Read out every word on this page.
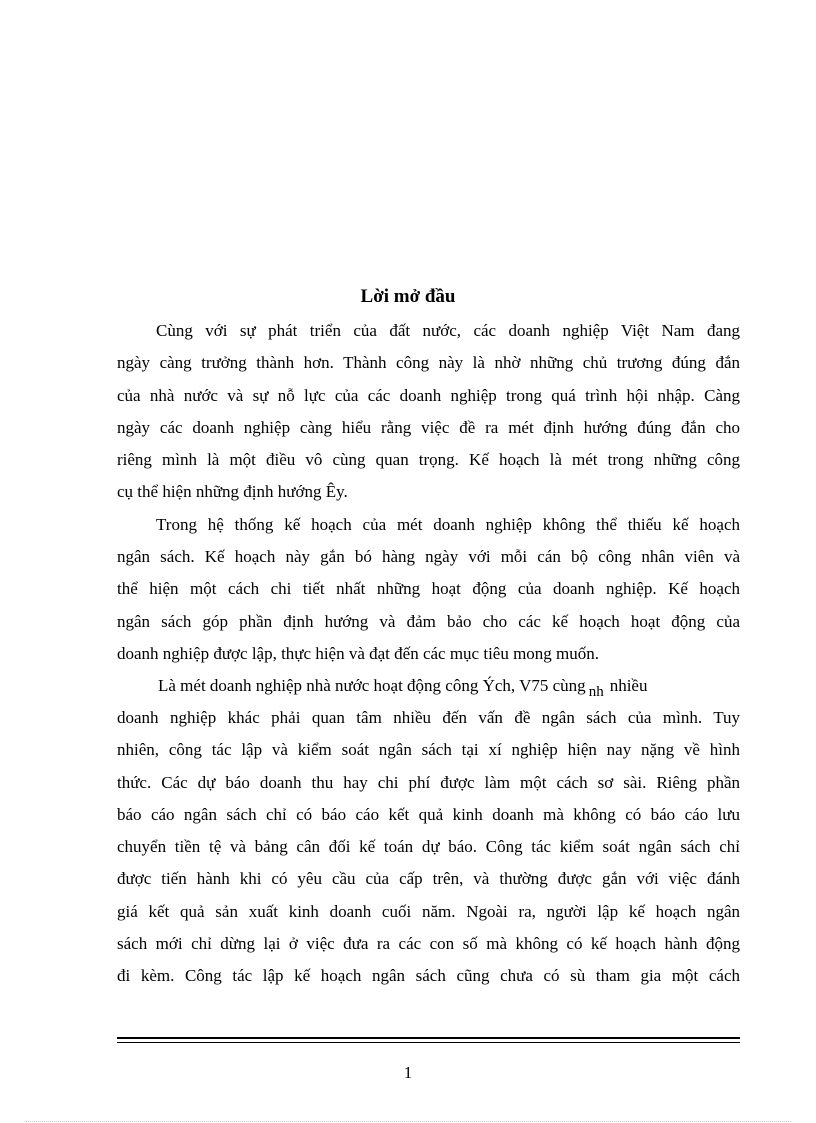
Lời mở đầu
Cùng với sự phát triển của đất nước, các doanh nghiệp Việt Nam đang
ngày càng trưởng thành hơn. Thành công này là nhờ những chủ trương đúng đắn
của nhà nước và sự nỗ lực của các doanh nghiệp trong quá trình hội nhập. Càng
ngày các doanh nghiệp càng hiểu rằng việc đề ra mét định hướng đúng đắn cho
riêng mình là một điều vô cùng quan trọng. Kế hoạch là mét trong những công
cụ thể hiện những định hướng Êy.
Trong hệ thống kế hoạch của mét doanh nghiệp không thể thiếu kế hoạch
ngân sách. Kế hoạch này gắn bó hàng ngày với mỗi cán bộ công nhân viên và
thể hiện một cách chi tiết nhất những hoạt động của doanh nghiệp. Kế hoạch
ngân sách góp phần định hướng và đảm bảo cho các kế hoạch hoạt động của
doanh nghiệp được lập, thực hiện và đạt đến các mục tiêu mong muốn.
Là mét doanh nghiệp nhà nước hoạt động công Ých, V75 cùng nh nhiều
doanh nghiệp khác phải quan tâm nhiều đến vấn đề ngân sách của mình. Tuy
nhiên, công tác lập và kiểm soát ngân sách tại xí nghiệp hiện nay nặng về hình
thức. Các dự báo doanh thu hay chi phí được làm một cách sơ sài. Riêng phần
báo cáo ngân sách chỉ có báo cáo kết quả kinh doanh mà không có báo cáo lưu
chuyển tiền tệ và bảng cân đối kế toán dự báo. Công tác kiểm soát ngân sách chỉ
được tiến hành khi có yêu cầu của cấp trên, và thường được gắn với việc đánh
giá kết quả sản xuất kinh doanh cuối năm. Ngoài ra, người lập kế hoạch ngân
sách mới chỉ dừng lại ở việc đưa ra các con số mà không có kế hoạch hành động
đi kèm. Công tác lập kế hoạch ngân sách cũng chưa có sù tham gia một cách
1
